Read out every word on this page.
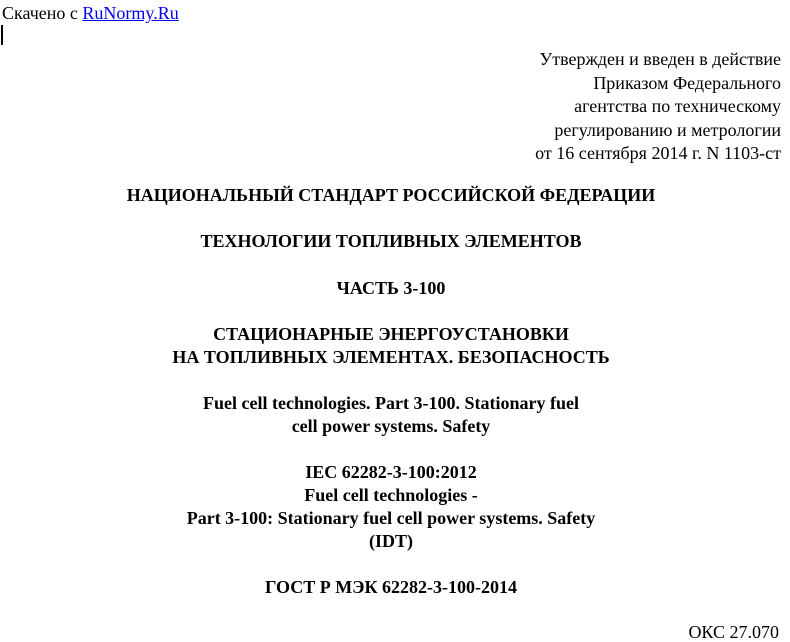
Скачено с RuNormy.Ru
Утвержден и введен в действие
Приказом Федерального
агентства по техническому
регулированию и метрологии
от 16 сентября 2014 г. N 1103-ст
НАЦИОНАЛЬНЫЙ СТАНДАРТ РОССИЙСКОЙ ФЕДЕРАЦИИ
ТЕХНОЛОГИИ ТОПЛИВНЫХ ЭЛЕМЕНТОВ
ЧАСТЬ 3-100
СТАЦИОНАРНЫЕ ЭНЕРГОУСТАНОВКИ
НА ТОПЛИВНЫХ ЭЛЕМЕНТАХ. БЕЗОПАСНОСТЬ
Fuel cell technologies. Part 3-100. Stationary fuel
cell power systems. Safety
IEC 62282-3-100:2012
Fuel cell technologies -
Part 3-100: Stationary fuel cell power systems. Safety
(IDT)
ГОСТ Р МЭК 62282-3-100-2014
ОКС 27.070
